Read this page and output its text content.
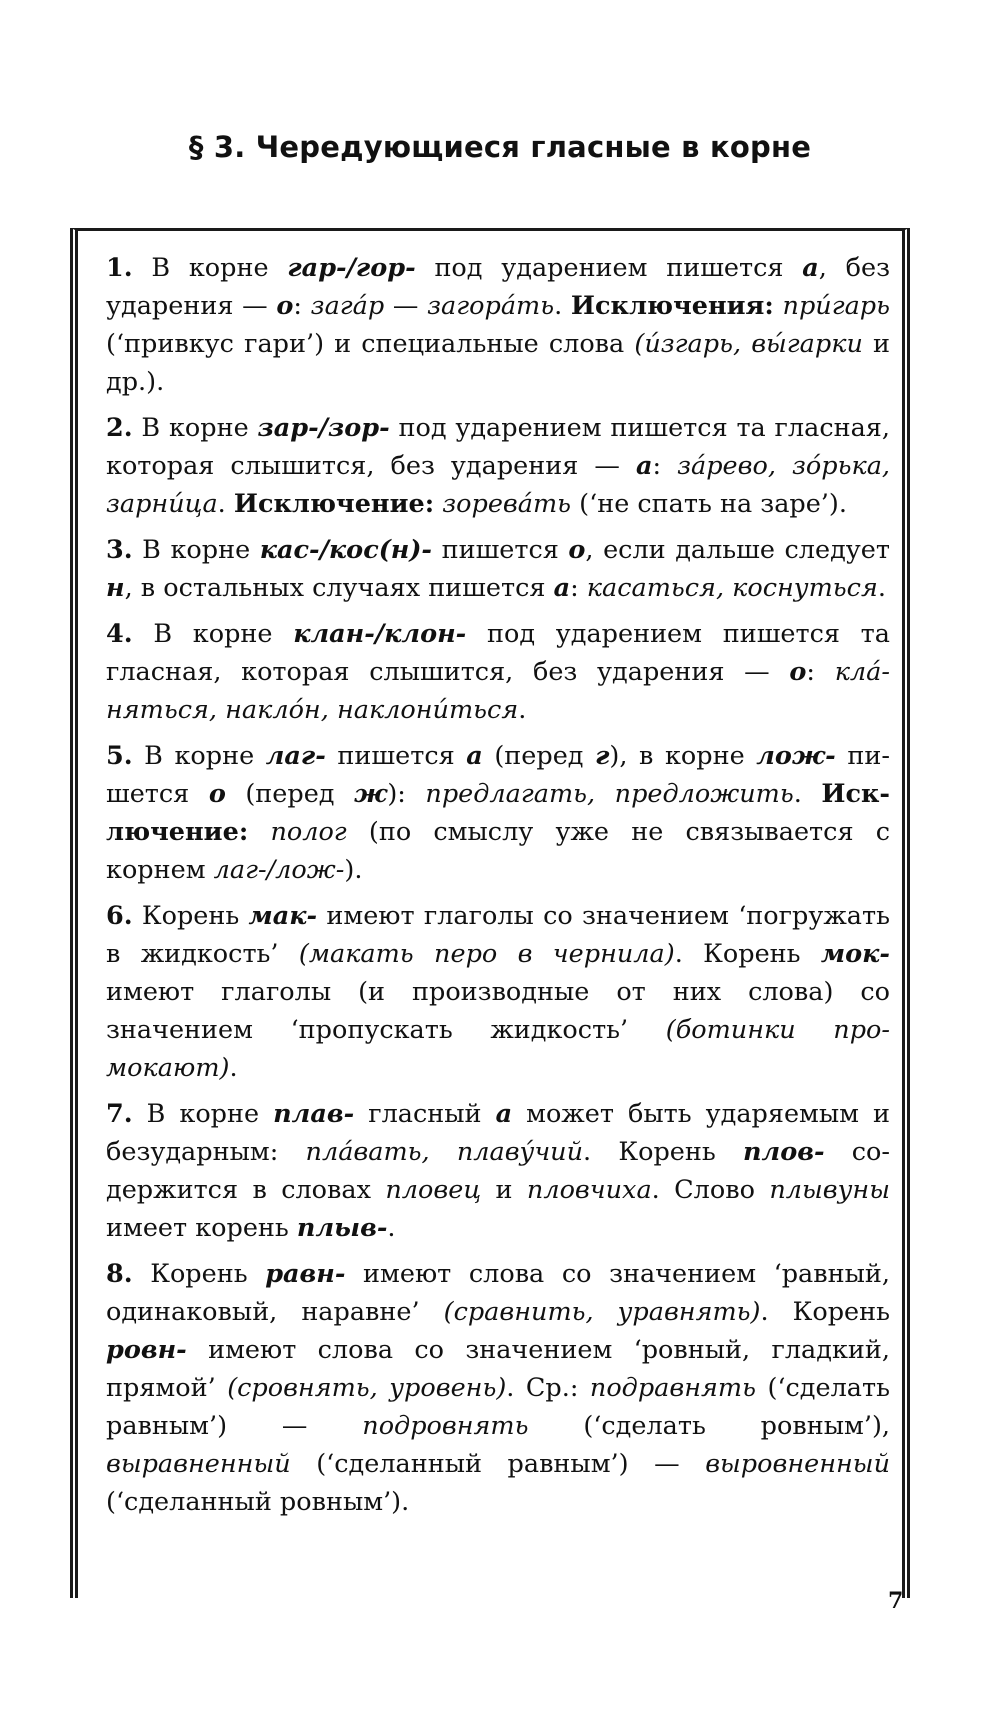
§ 3. Чередующиеся гласные в корне

1. В корне гар-/гор- под ударением пишется а, без ударения — о: зага́р — загора́ть. Исключения: при́гарь (‘привкус гари’) и специальные слова (и́згарь, вы́гарки и др.).

2. В корне зар-/зор- под ударением пишется та гласная, которая слышится, без ударения — а: за́рево, зо́рька, зарни́ца. Исключение: зорева́ть (‘не спать на заре’).

3. В корне кас-/кос(н)- пишется о, если дальше следует н, в остальных случаях пишется а: касаться, коснуться.

4. В корне клан-/клон- под ударением пишется та гласная, которая слышится, без ударения — о: кла́няться, накло́н, наклони́ться.

5. В корне лаг- пишется а (перед г), в корне лож- пишется о (перед ж): предлагать, предложить. Исключение: полог (по смыслу уже не связывается с корнем лаг-/лож-).

6. Корень мак- имеют глаголы со значением ‘погружать в жидкость’ (макать перо в чернила). Корень мок- имеют глаголы (и производные от них слова) со значением ‘пропускать жидкость’ (ботинки промокают).

7. В корне плав- гласный а может быть ударяемым и безударным: пла́вать, плаву́чий. Корень плов- содержится в словах пловец и пловчиха. Слово плывуны имеет корень плыв-.

8. Корень равн- имеют слова со значением ‘равный, одинаковый, наравне’ (сравнить, уравнять). Корень ровн- имеют слова со значением ‘ровный, гладкий, прямой’ (сровнять, уровень). Ср.: подравнять (‘сделать равным’) — подровнять (‘сделать ровным’), выравненный (‘сделанный равным’) — выровненный (‘сделанный ровным’).

7
